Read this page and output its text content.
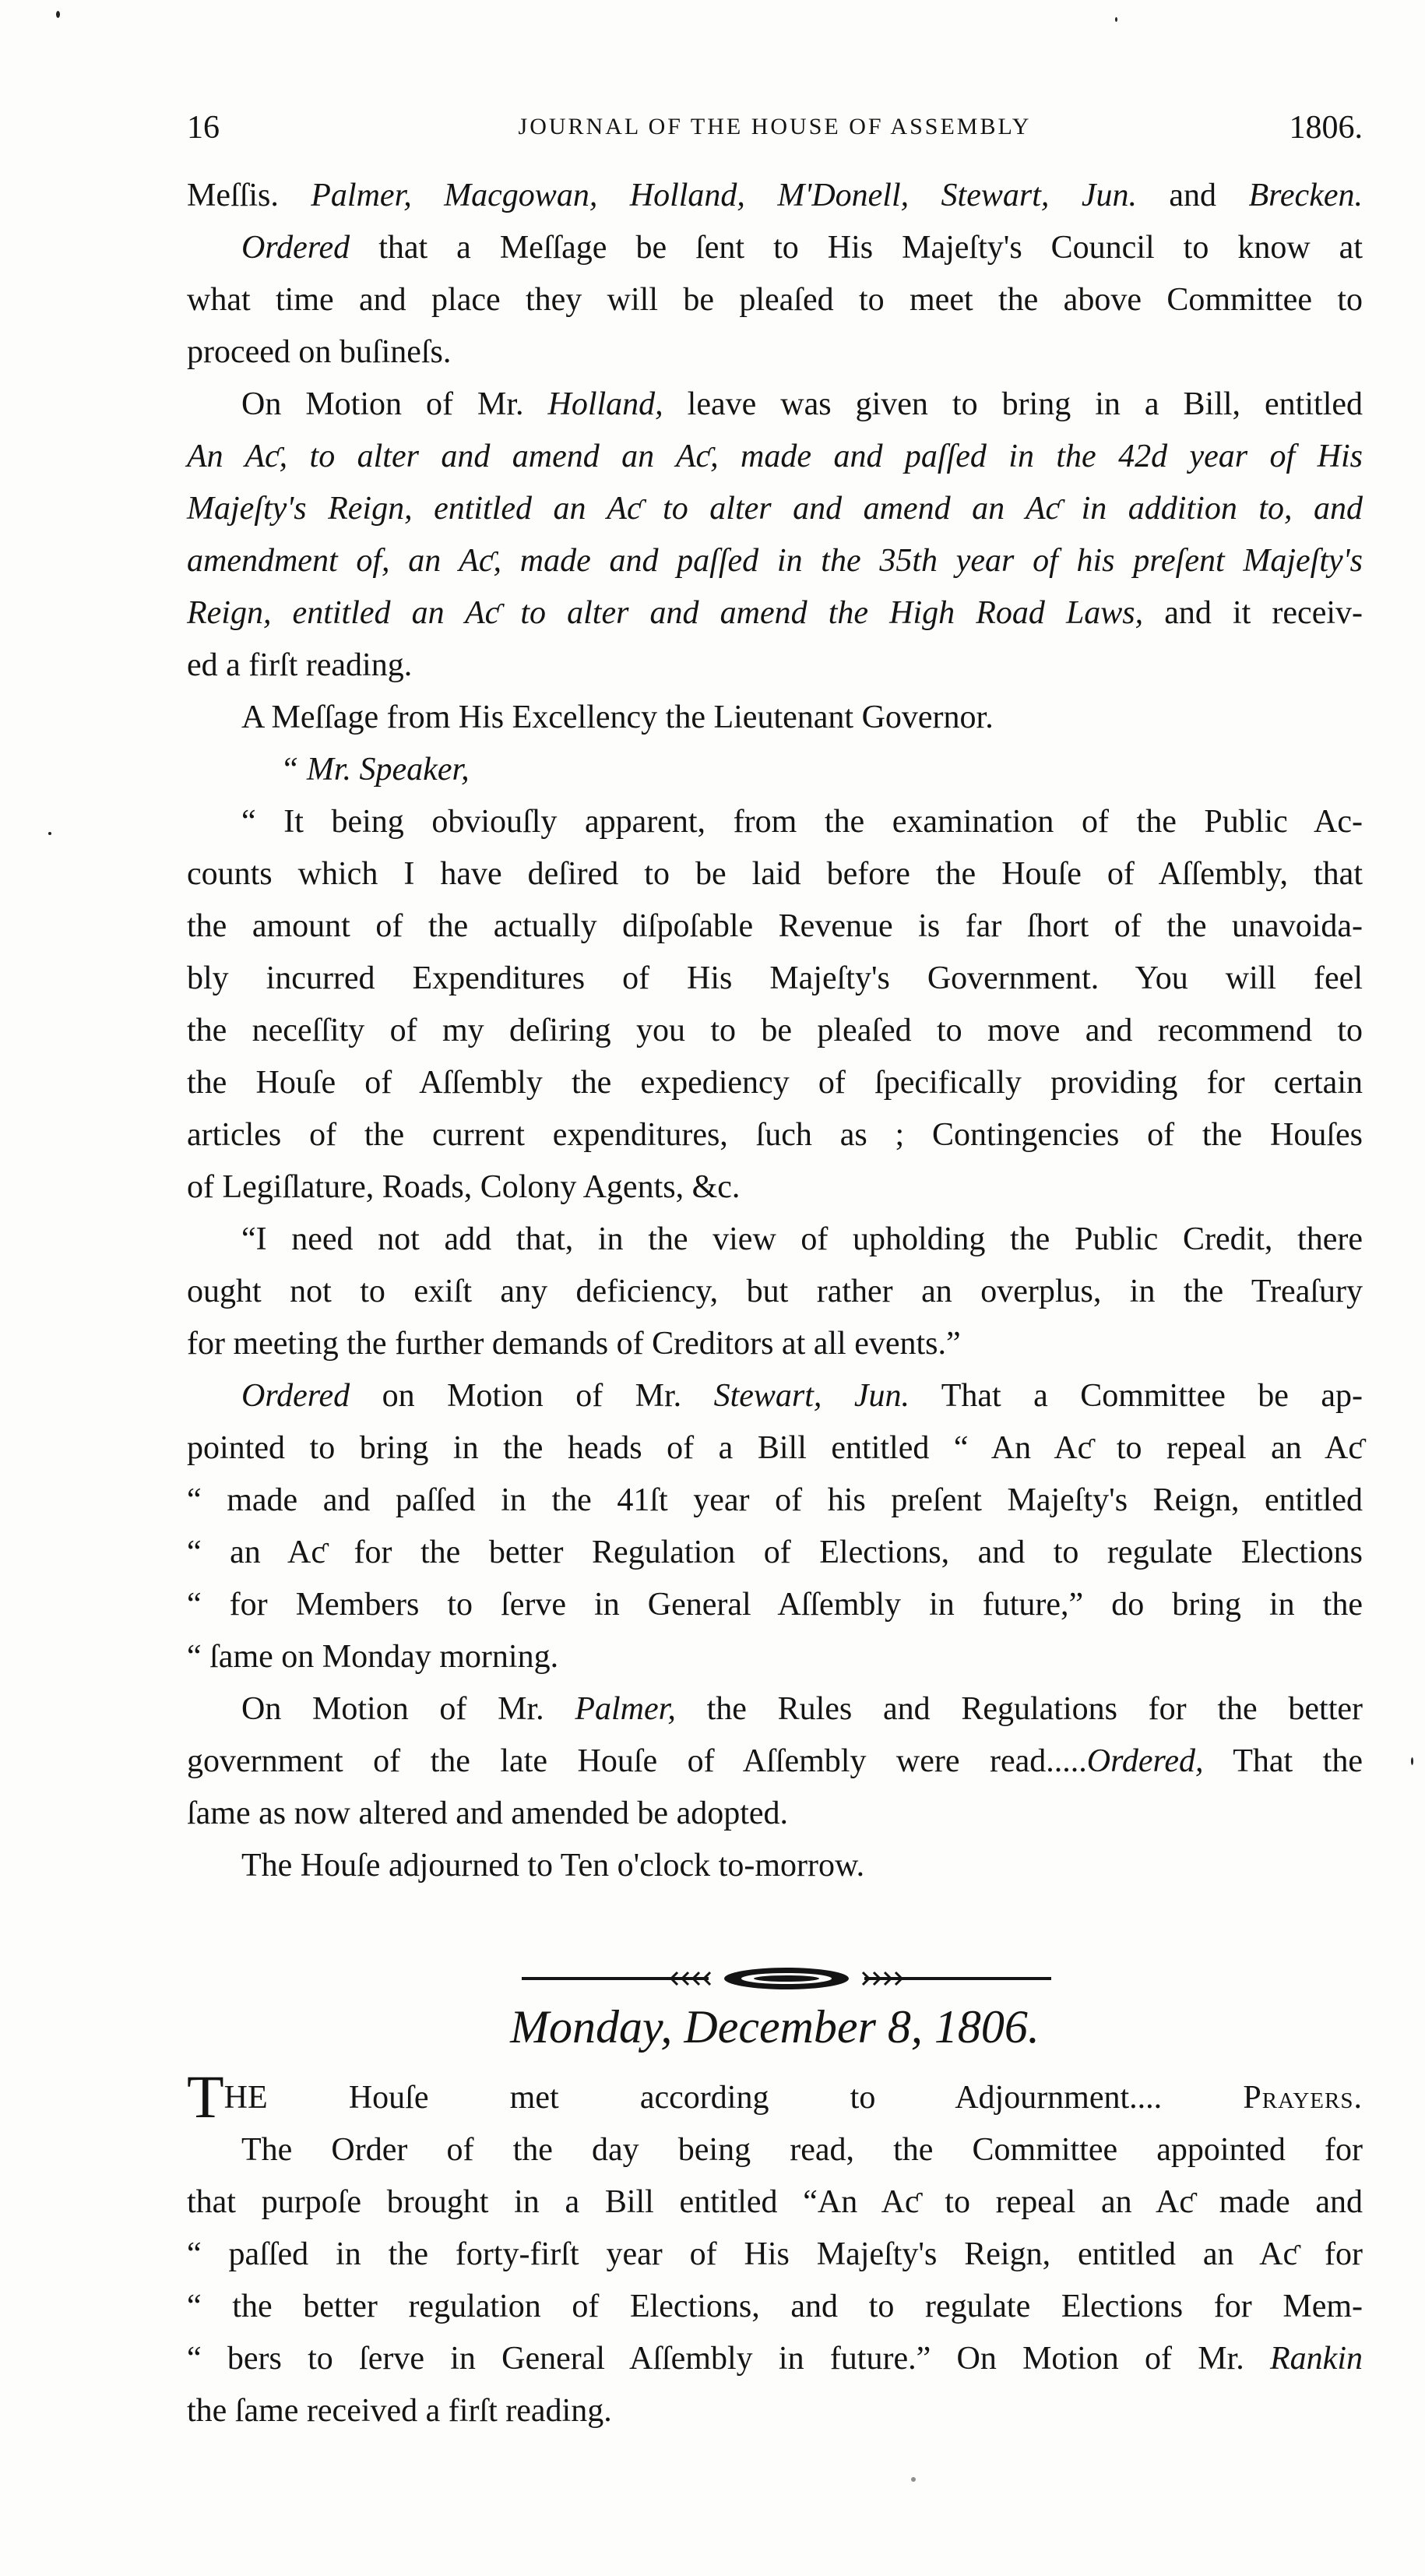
16	JOURNAL OF THE HOUSE OF ASSEMBLY	1806.
Meſſis. Palmer, Macgowan, Holland, M'Donell, Stewart, Jun. and Brecken.
Ordered that a Meſſage be ſent to His Majeſty's Council to know at
what time and place they will be pleaſed to meet the above Committee to
proceed on buſineſs.
On Motion of Mr. Holland, leave was given to bring in a Bill, entitled
An Aƈ, to alter and amend an Aƈ, made and paſſed in the 42d year of His
Majeſty's Reign, entitled an Aƈ to alter and amend an Aƈ in addition to, and
amendment of, an Aƈ, made and paſſed in the 35th year of his preſent Majeſty's
Reign, entitled an Aƈ to alter and amend the High Road Laws, and it receiv-
ed a firſt reading.
A Meſſage from His Excellency the Lieutenant Governor.
“ Mr. Speaker,
“ It being obviouſly apparent, from the examination of the Public Ac-
counts which I have deſired to be laid before the Houſe of Aſſembly, that
the amount of the actually diſpoſable Revenue is far ſhort of the unavoida-
bly incurred Expenditures of His Majeſty's Government. You will feel
the neceſſity of my deſiring you to be pleaſed to move and recommend to
the Houſe of Aſſembly the expediency of ſpecifically providing for certain
articles of the current expenditures, ſuch as ; Contingencies of the Houſes
of Legiſlature, Roads, Colony Agents, &c.
“I need not add that, in the view of upholding the Public Credit, there
ought not to exiſt any deficiency, but rather an overplus, in the Treaſury
for meeting the further demands of Creditors at all events.”
Ordered on Motion of Mr. Stewart, Jun. That a Committee be ap-
pointed to bring in the heads of a Bill entitled “ An Aƈ to repeal an Aƈ
“ made and paſſed in the 41ſt year of his preſent Majeſty's Reign, entitled
“ an Aƈ for the better Regulation of Elections, and to regulate Elections
“ for Members to ſerve in General Aſſembly in future,” do bring in the
“ ſame on Monday morning.
On Motion of Mr. Palmer, the Rules and Regulations for the better
government of the late Houſe of Aſſembly were read.....Ordered, That the
ſame as now altered and amended be adopted.
The Houſe adjourned to Ten o'clock to-morrow.
Monday, December 8, 1806.
THE Houſe met according to Adjournment.... Prayers.
The Order of the day being read, the Committee appointed for
that purpoſe brought in a Bill entitled “An Aƈ to repeal an Aƈ made and
“ paſſed in the forty-firſt year of His Majeſty's Reign, entitled an Aƈ for
“ the better regulation of Elections, and to regulate Elections for Mem-
“ bers to ſerve in General Aſſembly in future.” On Motion of Mr. Rankin
the ſame received a firſt reading.
